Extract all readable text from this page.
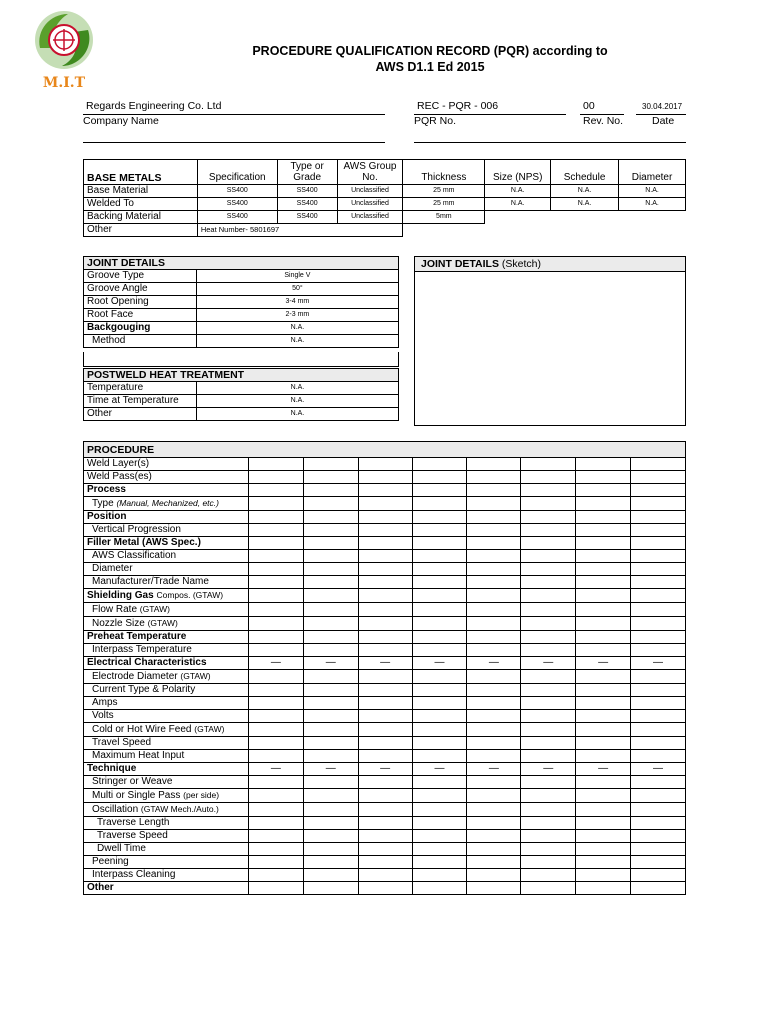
M.I.T
PROCEDURE QUALIFICATION RECORD (PQR) according to
AWS D1.1 Ed 2015
Regards Engineering Co. Ltd
Company Name
REC - PQR - 006
PQR No.
00
Rev. No.
30.04.2017
Date
BASE METALS	Specification	Type or Grade	AWS Group No.	Thickness	Size (NPS)	Schedule	Diameter
Base Material	SS400	SS400	Unclassified	25 mm	N.A.	N.A.	N.A.
Welded To	SS400	SS400	Unclassified	25 mm	N.A.	N.A.	N.A.
Backing Material	SS400	SS400	Unclassified	5mm			
Other	Heat Number- 5801697						
JOINT DETAILS	
Groove Type	Single V
Groove Angle	50°
Root Opening	3-4 mm
Root Face	2-3 mm
Backgouging	N.A.
Method	N.A.
JOINT DETAILS (Sketch)
POSTWELD HEAT TREATMENT	
Temperature	N.A.
Time at Temperature	N.A.
Other	N.A.
PROCEDURE								
Weld Layer(s)								
Weld Pass(es)								
Process								
Type (Manual, Mechanized, etc.)								
Position								
Vertical Progression								
Filler Metal (AWS Spec.)								
AWS Classification								
Diameter								
Manufacturer/Trade Name								
Shielding Gas Compos. (GTAW)								
Flow Rate (GTAW)								
Nozzle Size (GTAW)								
Preheat Temperature								
Interpass Temperature								
Electrical Characteristics	—	—	—	—	—	—	—	—
Electrode Diameter (GTAW)								
Current Type & Polarity								
Amps								
Volts								
Cold or Hot Wire Feed (GTAW)								
Travel Speed								
Maximum Heat Input								
Technique	—	—	—	—	—	—	—	—
Stringer or Weave								
Multi or Single Pass (per side)								
Oscillation (GTAW Mech./Auto.)								
Traverse Length								
Traverse Speed								
Dwell Time								
Peening								
Interpass Cleaning								
Other								
